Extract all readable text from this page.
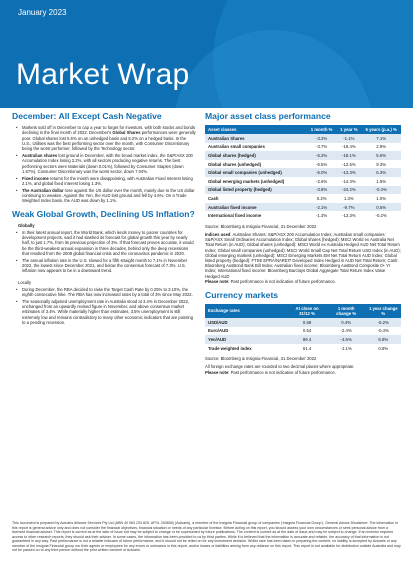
January 2023
Market Wrap
December: All Except Cash Negative
• Markets sold off in December to cap a year to forget for investors, with both stocks and bonds declining in the final month of 2022. December's Global Shares performances were generally poor. Global shares lost 5.5% on an unhedged basis and 5.2% on a hedged basis. In the U.S., Utilities was the best performing sector over the month, with Consumer Discretionary being the worst performer, followed by the Technology sector.
• Australian shares lost ground in December, with the broad market index, the S&P/ASX 200 Accumulation Index losing 3.2%, with all sectors producing negative returns. The best performing sectors were Materials (down 0.01%), followed by Consumer Staples (down 1.67%). Consumer Discretionary was the worst sector, down 7.04%.
• Fixed income returns for the month were disappointing, with Australian Fixed Interest losing 2.1%, and global fixed interest losing 1.3%.
• The Australian dollar rose against the US dollar over the month, mainly due to the US dollar continuing to weaken. Against the Yen, the AUD lost ground and fell by 4.6%. On a Trade Weighted Index basis, the AUD was down by 1.1%.
Weak Global Growth, Declining US Inflation?
Globally
• In their latest annual report, the World Bank, which lends money to poorer countries for development projects, said it had slashed its forecast for global growth this year by nearly half, to just 1.7%, from its previous projection of 3%. If that forecast proves accurate, it would be the third-weakest annual expansion in three decades, behind only the deep recessions that resulted from the 2008 global financial crisis and the coronavirus pandemic in 2020.
• The annual inflation rate in the U.S. slowed for a fifth straight month to 7.1% in November 2022, the lowest since December 2021, and below the consensus forecast of 7.3%. U.S. inflation now appears to be in a downward trend.
Locally
• During December, the RBA decided to raise the Target Cash Rate by 0.25% to 3.10%, the eighth consecutive hike. The RBA has now increased rates by a total of 3% since May 2022.
• The seasonally adjusted unemployment rate in Australia stood at 3.4% in December 2022, unchanged from an upwardly revised figure in November, and above consensus market estimates of 3.4%. While materially higher than estimates, 3.5% unemployment is still extremely low and remains contradictory to many other economic indicators that are pointing to a pending recession.
Major asset class performance
Asset classes	1 month %	1 year %	5 years (p.a.) %
Australian Shares	-3.2%	-1.1%	7.1%
Australian small companies	-3.7%	-18.4%	2.9%
Global shares (hedged)	-5.2%	-18.1%	5.6%
Global shares (unhedged)	-5.5%	-12.5%	9.3%
Global small companies (unhedged)	-5.0%	-13.3%	6.3%
Global emerging markets (unhedged)	-2.6%	-14.3%	1.5%
Global listed property (hedged)	-3.8%	-24.2%	-0.4%
Cash	0.2%	1.3%	1.0%
Australian fixed income	-2.1%	-9.7%	0.5%
International fixed income	-1.3%	-12.3%	-0.2%
Source: Bloomberg & Insignia Financial, 31 December 2022
Indices used: Australian Shares: S&P/ASX 200 Accumulation Index; Australian small companies: S&P/ASX Small Ordinaries Accumulation Index; Global shares (hedged): MSCI World ex Australia Net Total Return (in AUD); Global shares (unhedged): MSCI World ex Australia Hedged AUD Net Total Return Index; Global small companies (unhedged): MSCI World Small Cap Net Total Return USD Index (in AUD); Global emerging markets (unhedged): MSCI Emerging Markets EM Net Total Return AUD Index; Global listed property (hedged): FTSE EPRA/NAREIT Developed Index Hedged in AUD Net Total Return; Cash: Bloomberg AusBond Bank Bill Index; Australian fixed income: Bloomberg AusBond Composite 0+ Yr Index; International fixed income: Bloomberg Barclays Global Aggregate Total Return Index Value Hedged AUD
Please note: Past performance is not indicative of future performance.
Currency markets
Exchange rates	At close on 31/12 %	1 month change %	1 year change %
USD/AUD	0.68	0.4%	-6.2%
Euro/AUD	0.64	-2.4%	-0.4%
Yen/AUD	89.4	-4.6%	6.8%
Trade weighted index	61.4	-1.1%	0.8%
Source: Bloomberg & Insignia Financial, 31 December 2022
All foreign exchange rates are rounded to two decimal places where appropriate.
Please note: Past performance is not indicative of future performance.
This document is prepared by Actuaris Alliance Services Pty Ltd (ABN 40 063 233 825, AFSL 240898) (Actuaris), a member of the Insignia Financial group of companies ('Insignia Financial Group'). General Advice Disclaimer: The information in this report is general advice only and does not consider the financial objectives, financial situation or needs of any particular investor. Before acting on this report, you should assess your own circumstances or seek personal advice from a licensed financial adviser. This report is current as at the date of issue but may be subject to change or be superseded by future publications. The content is current as at the date of issue and may be subject to change. If an investor requires access to other research reports, they should ask their adviser. In some cases, the information has been provided to us by third parties. While it is believed that the information is accurate and reliable, the accuracy of that information is not guaranteed in any way. Past performance is not a reliable indicator of future performance, and it should not be relied on for any investment decision. Whilst care has been taken in preparing the content, no liability is accepted by Actuaris or any member of the Insignia Financial group nor their agents or employees for any errors or omissions in this report, and/or losses or liabilities arising from any reliance on this report. This report is not available for distribution outside Australia and may not be passed on to any third person without the prior written consent of Actuaris.
